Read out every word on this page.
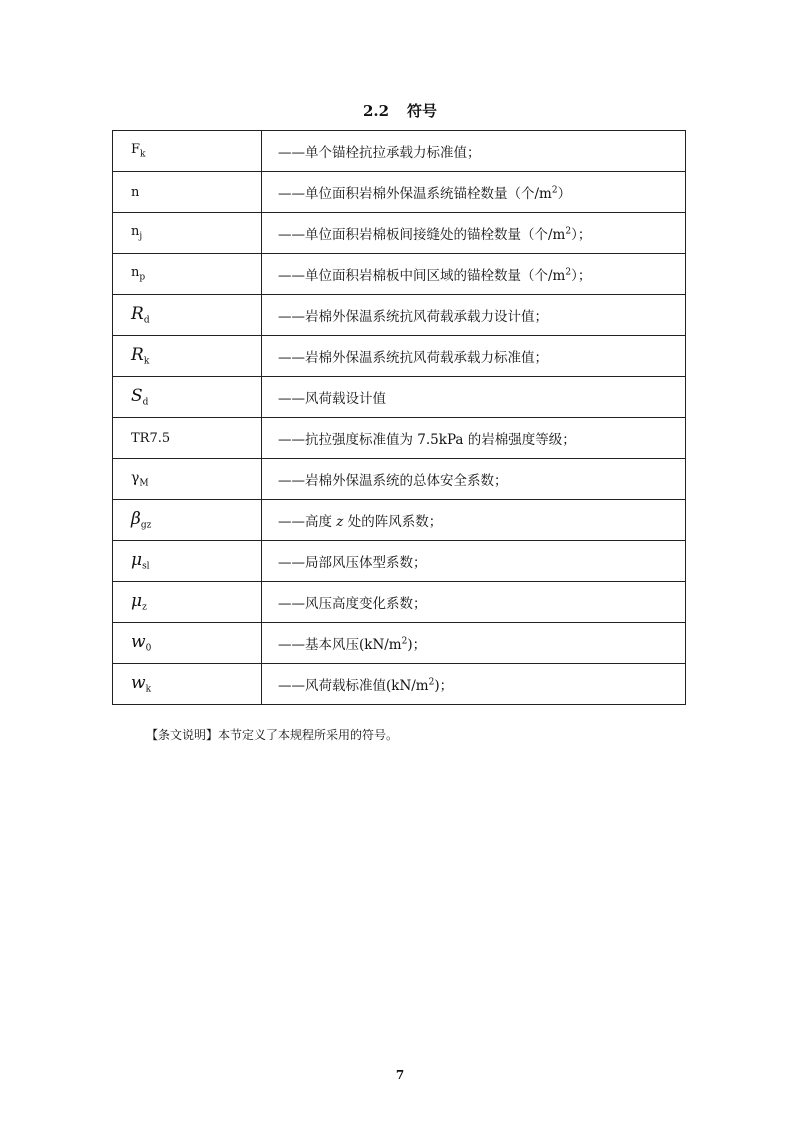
2.2 符号
$F_k$	——单个锚栓抗拉承载力标准值；
n	——单位面积岩棉外保温系统锚栓数量（个$/m^2$）
$n_j$	——单位面积岩棉板间接缝处的锚栓数量（个$/m^2$）；
$n_p$	——单位面积岩棉板中间区域的锚栓数量（个$/m^2$）；
$R_d$	——岩棉外保温系统抗风荷载承载力设计值；
$R_k$	——岩棉外保温系统抗风荷载承载力标准值；
$S_d$	——风荷载设计值
TR7.5	——抗拉强度标准值为 7.5kPa 的岩棉强度等级；
$\gamma_M$	——岩棉外保温系统的总体安全系数；
$\beta_{gz}$	——高度 z 处的阵风系数；
$\mu_{sl}$	——局部风压体型系数；
$\mu_z$	——风压高度变化系数；
$w_0$	——基本风压$(kN/m^2)$；
$w_k$	——风荷载标准值$(kN/m^2)$；
【条文说明】本节定义了本规程所采用的符号。
7
